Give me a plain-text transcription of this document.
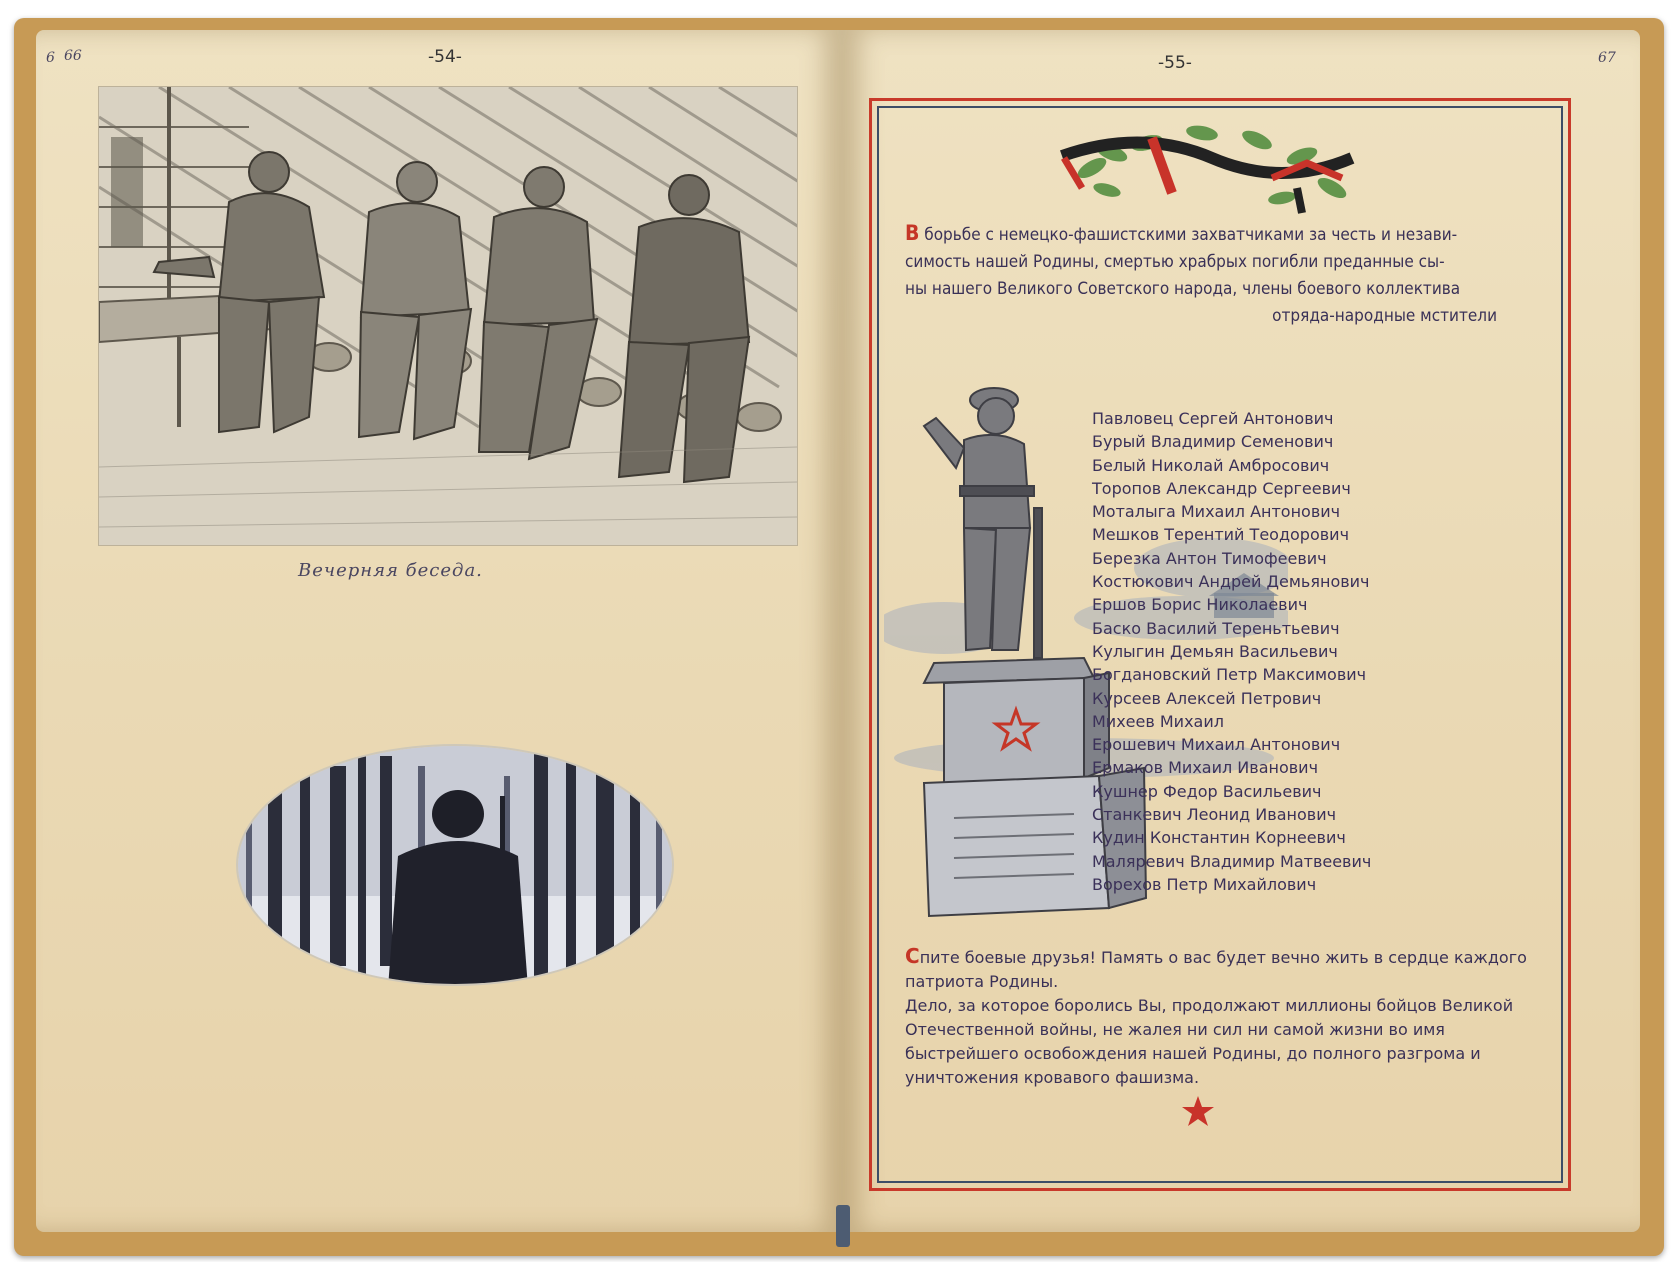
6 66	-54-
Вечерняя беседа.
-55-	67
В борьбе с немецко-фашистскими захватчиками за честь и незави-
симость нашей Родины, смертью храбрых погибли преданные сы-
ны нашего Великого Советского народа, члены боевого коллектива
отряда-народные мстители
Павловец Сергей Антонович
Бурый Владимир Семенович
Белый Николай Амбросович
Торопов Александр Сергеевич
Моталыга Михаил Антонович
Мешков Терентий Теодорович
Березка Антон Тимофеевич
Костюкович Андрей Демьянович
Ершов Борис Николаевич
Баско Василий Тереньтьевич
Кулыгин Демьян Васильевич
Богдановский Петр Максимович
Курсеев Алексей Петрович
Михеев Михаил
Ерошевич Михаил Антонович
Ермаков Михаил Иванович
Кушнер Федор Васильевич
Станкевич Леонид Иванович
Кудин Константин Корнеевич
Маляревич Владимир Матвеевич
Ворехов Петр Михайлович

Спите боевые друзья! Память о вас будет вечно жить в сердце каждого патриота Родины.

Дело, за которое боролись Вы, продолжают миллионы бойцов Великой Отечественной войны, не жалея ни сил ни самой жизни во имя быстрейшего освобождения нашей Родины, до полного разгрома и уничтожения кровавого фашизма.
